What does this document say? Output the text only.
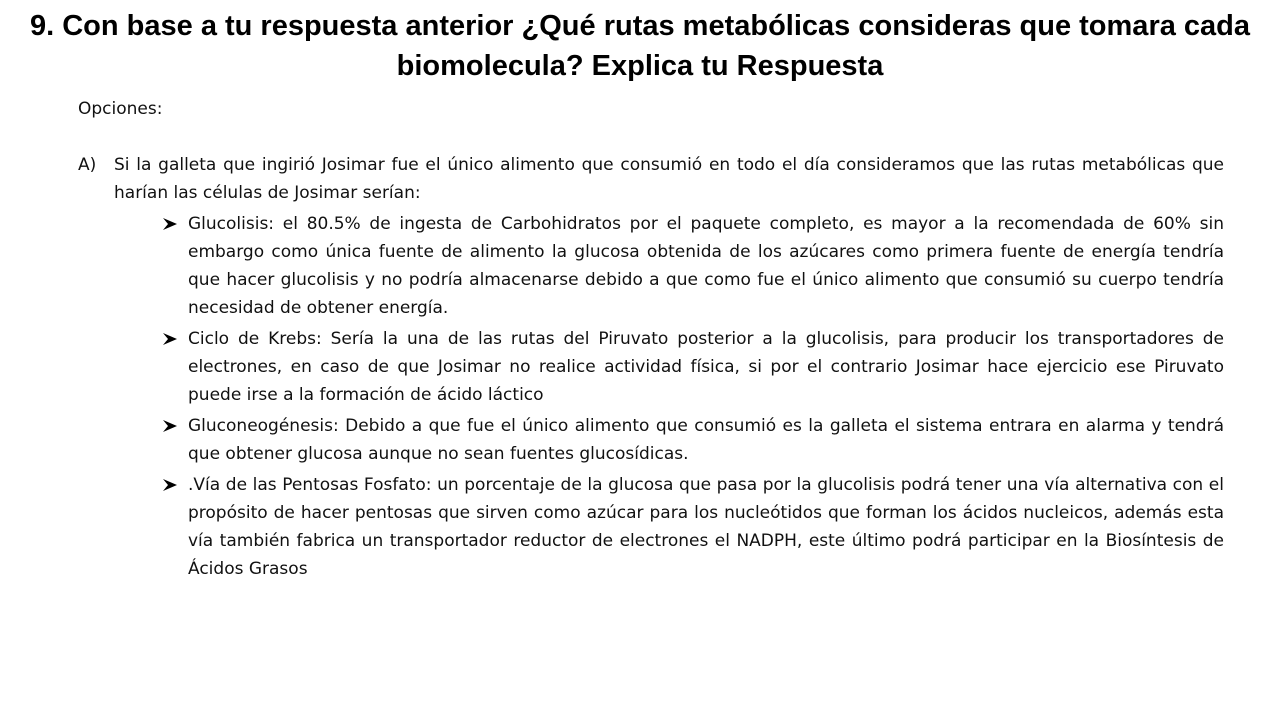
9. Con base a tu respuesta anterior ¿Qué rutas metabólicas consideras que tomara cada biomolecula? Explica tu Respuesta

Opciones:

A)	Si la galleta que ingirió Josimar fue el único alimento que consumió en todo el día consideramos que las rutas metabólicas que harían las células de Josimar serían:

Glucolisis: el 80.5% de ingesta de Carbohidratos por el paquete completo, es mayor a la recomendada de 60% sin embargo como única fuente de alimento la glucosa obtenida de los azúcares como primera fuente de energía tendría que hacer glucolisis y no podría almacenarse debido a que como fue el único alimento que consumió su cuerpo tendría necesidad de obtener energía.
Ciclo de Krebs: Sería la una de las rutas del Piruvato posterior a la glucolisis, para producir los transportadores de electrones, en caso de que Josimar no realice actividad física, si por el contrario Josimar hace ejercicio ese Piruvato puede irse a la formación de ácido láctico
Gluconeogénesis: Debido a que fue el único alimento que consumió es la galleta el sistema entrara en alarma y tendrá que obtener glucosa aunque no sean fuentes glucosídicas.
.Vía de las Pentosas Fosfato: un porcentaje de la glucosa que pasa por la glucolisis podrá tener una vía alternativa con el propósito de hacer pentosas que sirven como azúcar para los nucleótidos que forman los ácidos nucleicos, además esta vía también fabrica un transportador reductor de electrones el NADPH, este último podrá participar en la Biosíntesis de Ácidos Grasos
